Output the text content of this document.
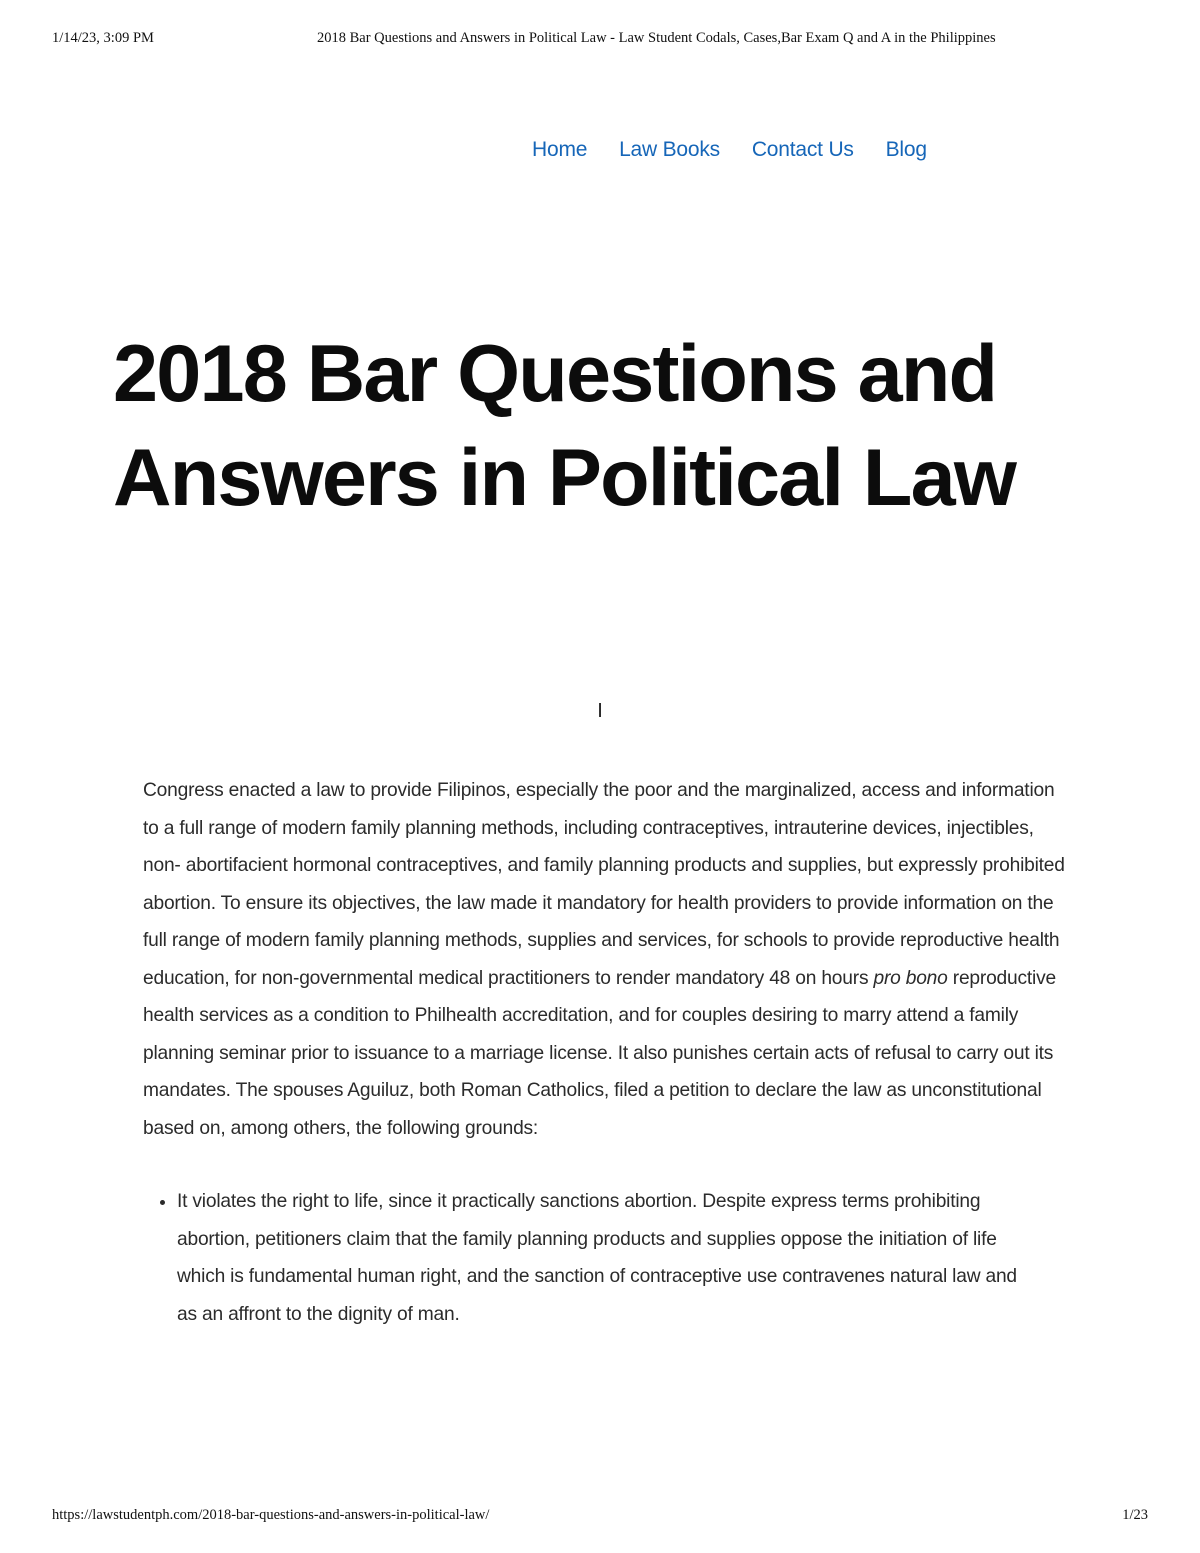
1/14/23, 3:09 PM	2018 Bar Questions and Answers in Political Law - Law Student Codals, Cases,Bar Exam Q and A in the Philippines
Home Law Books Contact Us Blog
2018 Bar Questions and Answers in Political Law
I

Congress enacted a law to provide Filipinos, especially the poor and the marginalized, access and information to a full range of modern family planning methods, including contraceptives, intrauterine devices, injectibles, non- abortifacient hormonal contraceptives, and family planning products and supplies, but expressly prohibited abortion. To ensure its objectives, the law made it mandatory for health providers to provide information on the full range of modern family planning methods, supplies and services, for schools to provide reproductive health education, for non-governmental medical practitioners to render mandatory 48 on hours pro bono reproductive health services as a condition to Philhealth accreditation, and for couples desiring to marry attend a family planning seminar prior to issuance to a marriage license. It also punishes certain acts of refusal to carry out its mandates. The spouses Aguiluz, both Roman Catholics, filed a petition to declare the law as unconstitutional based on, among others, the following grounds:

• It violates the right to life, since it practically sanctions abortion. Despite express terms prohibiting abortion, petitioners claim that the family planning products and supplies oppose the initiation of life which is fundamental human right, and the sanction of contraceptive use contravenes natural law and as an affront to the dignity of man.
https://lawstudentph.com/2018-bar-questions-and-answers-in-political-law/	1/23
